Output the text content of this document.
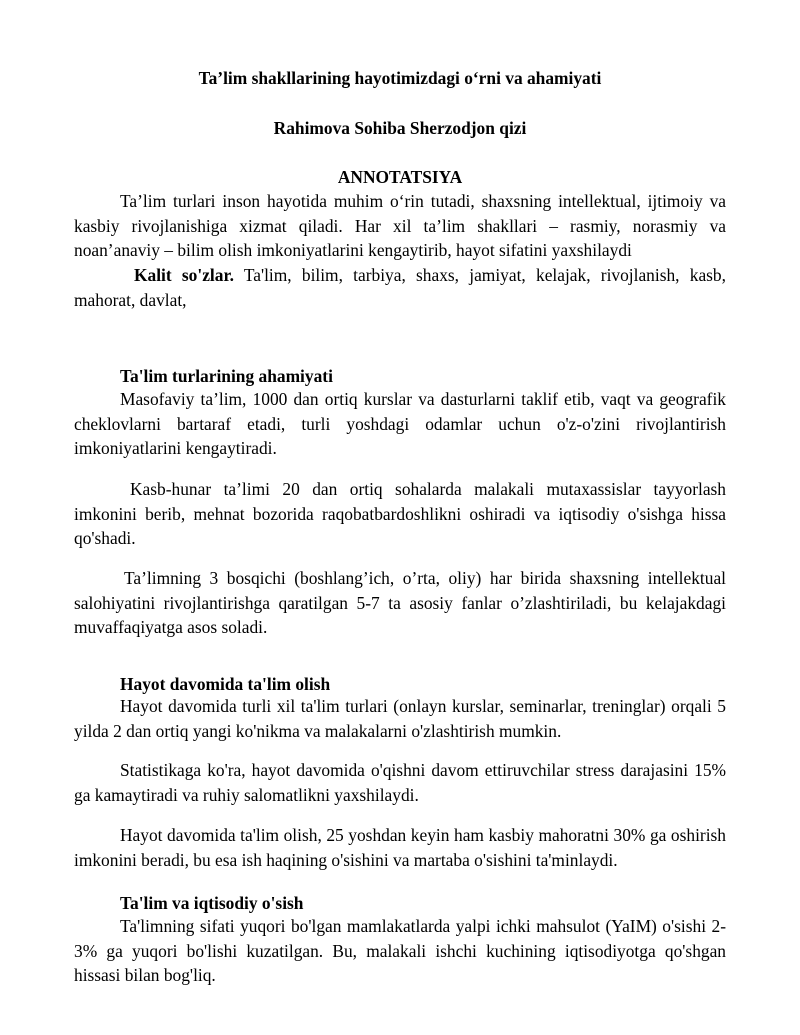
Ta’lim shakllarining hayotimizdagi o‘rni va ahamiyati

Rahimova Sohiba Sherzodjon qizi

ANNOTATSIYA

Ta’lim turlari inson hayotida muhim o‘rin tutadi, shaxsning intellektual, ijtimoiy va kasbiy rivojlanishiga xizmat qiladi. Har xil ta’lim shakllari – rasmiy, norasmiy va noan’anaviy – bilim olish imkoniyatlarini kengaytirib, hayot sifatini yaxshilaydi

Kalit so'zlar. Ta'lim, bilim, tarbiya, shaxs, jamiyat, kelajak, rivojlanish, kasb, mahorat, davlat,

Ta'lim turlarining ahamiyati

Masofaviy ta’lim, 1000 dan ortiq kurslar va dasturlarni taklif etib, vaqt va geografik cheklovlarni bartaraf etadi, turli yoshdagi odamlar uchun o'z-o'zini rivojlantirish imkoniyatlarini kengaytiradi.

Kasb-hunar ta’limi 20 dan ortiq sohalarda malakali mutaxassislar tayyorlash imkonini berib, mehnat bozorida raqobatbardoshlikni oshiradi va iqtisodiy o'sishga hissa qo'shadi.

Ta’limning 3 bosqichi (boshlang’ich, o’rta, oliy) har birida shaxsning intellektual salohiyatini rivojlantirishga qaratilgan 5-7 ta asosiy fanlar o’zlashtiriladi, bu kelajakdagi muvaffaqiyatga asos soladi.

Hayot davomida ta'lim olish

Hayot davomida turli xil ta'lim turlari (onlayn kurslar, seminarlar, treninglar) orqali 5 yilda 2 dan ortiq yangi ko'nikma va malakalarni o'zlashtirish mumkin.

Statistikaga ko'ra, hayot davomida o'qishni davom ettiruvchilar stress darajasini 15% ga kamaytiradi va ruhiy salomatlikni yaxshilaydi.

Hayot davomida ta'lim olish, 25 yoshdan keyin ham kasbiy mahoratni 30% ga oshirish imkonini beradi, bu esa ish haqining o'sishini va martaba o'sishini ta'minlaydi.

Ta'lim va iqtisodiy o'sish

Ta'limning sifati yuqori bo'lgan mamlakatlarda yalpi ichki mahsulot (YaIM) o'sishi 2-3% ga yuqori bo'lishi kuzatilgan. Bu, malakali ishchi kuchining iqtisodiyotga qo'shgan hissasi bilan bog'liq.
